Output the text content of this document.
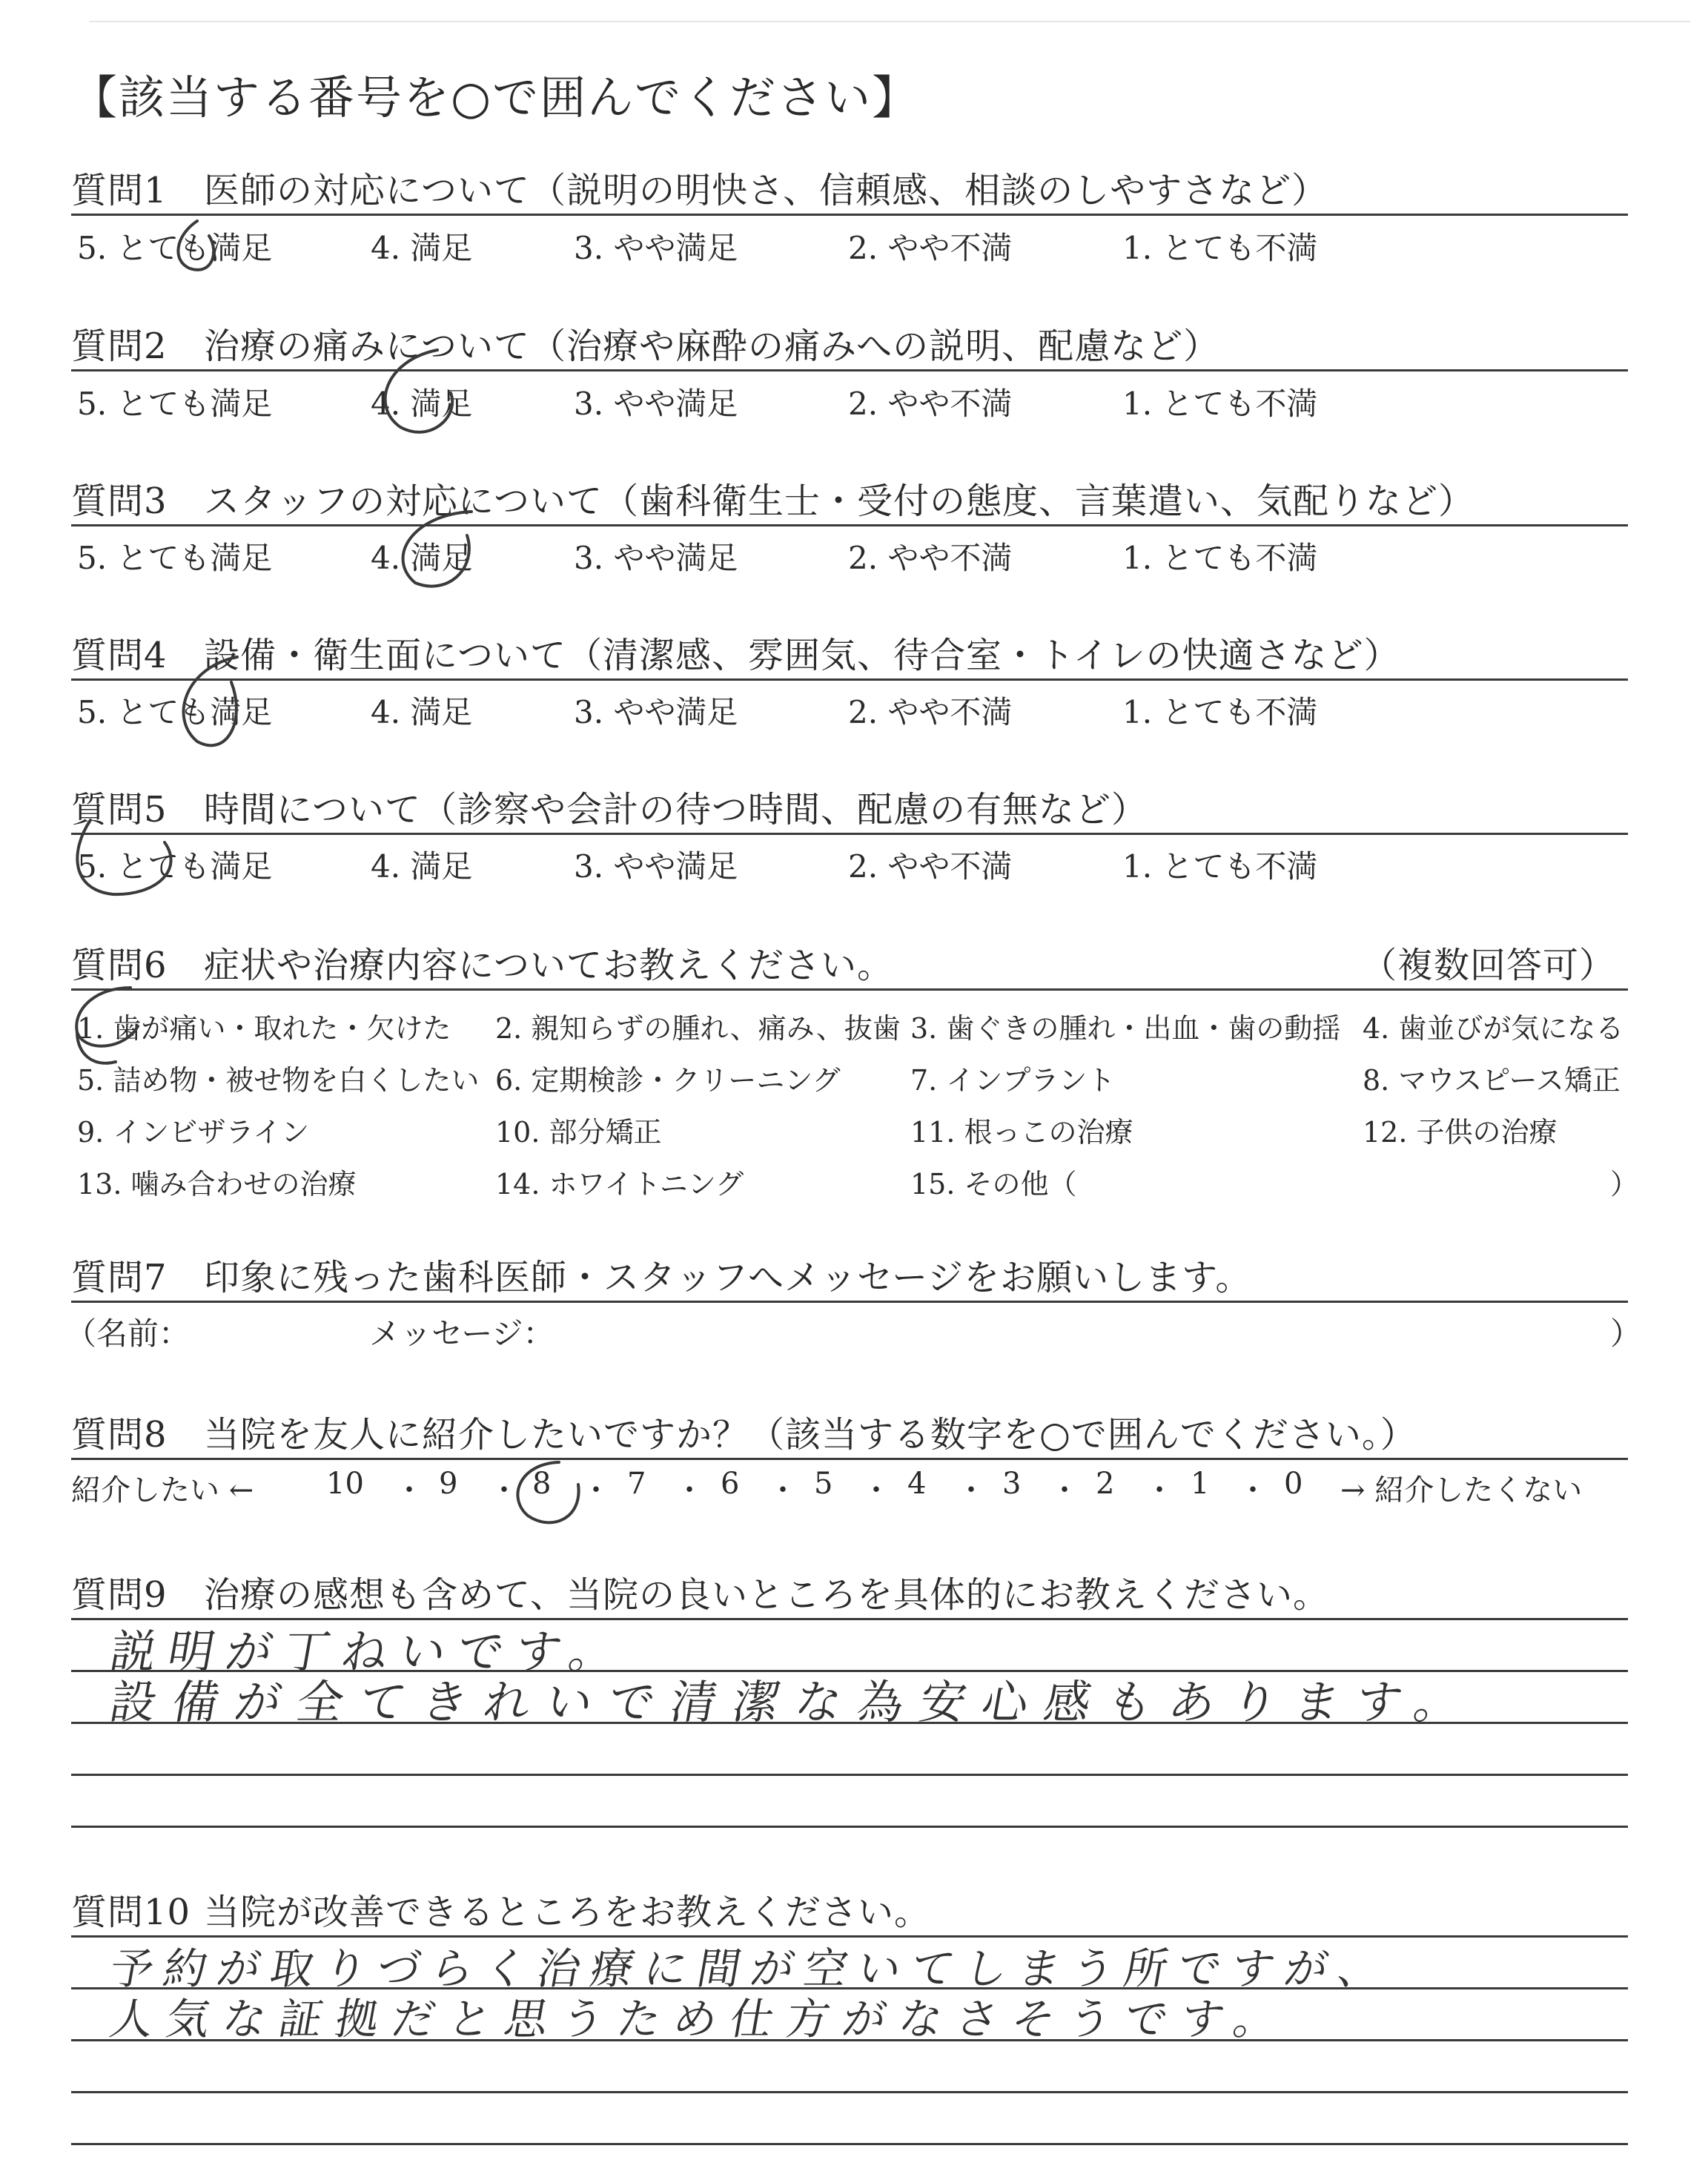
【該当する番号を○で囲んでください】
質問1 医師の対応について（説明の明快さ、信頼感、相談のしやすさなど）
5. とても満足	4. 満足	3. やや満足	2. やや不満	1. とても不満
質問2 治療の痛みについて（治療や麻酔の痛みへの説明、配慮など）
5. とても満足	4. 満足	3. やや満足	2. やや不満	1. とても不満
質問3 スタッフの対応について（歯科衛生士・受付の態度、言葉遣い、気配りなど）
5. とても満足	4. 満足	3. やや満足	2. やや不満	1. とても不満
質問4 設備・衛生面について（清潔感、雰囲気、待合室・トイレの快適さなど）
5. とても満足	4. 満足	3. やや満足	2. やや不満	1. とても不満
質問5 時間について（診察や会計の待つ時間、配慮の有無など）
5. とても満足	4. 満足	3. やや満足	2. やや不満	1. とても不満
質問6 症状や治療内容についてお教えください。	（複数回答可）
1. 歯が痛い・取れた・欠けた 2. 親知らずの腫れ、痛み、抜歯 3. 歯ぐきの腫れ・出血・歯の動揺 4. 歯並びが気になる
5. 詰め物・被せ物を白くしたい 6. 定期検診・クリーニング 7. インプラント	8. マウスピース矯正
9. インビザライン	10. 部分矯正	11. 根っこの治療	12. 子供の治療
13. 噛み合わせの治療	14. ホワイトニング	15. その他（	）
質問7 印象に残った歯科医師・スタッフへメッセージをお願いします。
（名前：	メッセージ：	）
質問8 当院を友人に紹介したいですか？（該当する数字を○で囲んでください。）
紹介したい ← 10 ・ 9 ・ 8 ・ 7 ・ 6 ・ 5 ・ 4 ・ 3 ・ 2 ・ 1 ・ 0 → 紹介したくない
質問9 治療の感想も含めて、当院の良いところを具体的にお教えください。
説明が丁ねいです。
設備が全てきれいで清潔な為安心感もあります。
質問10 当院が改善できるところをお教えください。
予約が取りづらく治療に間が空いてしまう所ですが、
人気な証拠だと思うため仕方がなさそうです。
